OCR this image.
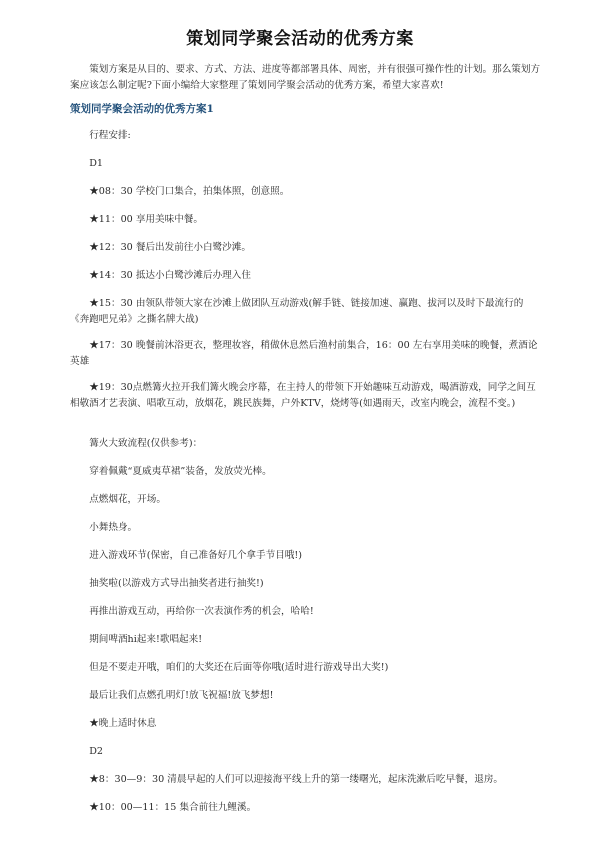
策划同学聚会活动的优秀方案
策划方案是从目的、要求、方式、方法、进度等都部署具体、周密，并有很强可操作性的计划。那么策划方案应该怎么制定呢?下面小编给大家整理了策划同学聚会活动的优秀方案，希望大家喜欢!
策划同学聚会活动的优秀方案1
行程安排:
D1
★08：30 学校门口集合，拍集体照，创意照。
★11：00 享用美味中餐。
★12：30 餐后出发前往小白鹭沙滩。
★14：30 抵达小白鹭沙滩后办理入住
★15：30 由领队带领大家在沙滩上做团队互动游戏(解手链、链接加速、赢跑、拔河以及时下最流行的《奔跑吧兄弟》之撕名牌大战)
★17：30 晚餐前沐浴更衣，整理妆容，稍做休息然后渔村前集合，16：00 左右享用美味的晚餐，煮酒论英雄
★19：30点燃篝火拉开我们篝火晚会序幕，在主持人的带领下开始趣味互动游戏，喝酒游戏，同学之间互相敬酒才艺表演、唱歌互动，放烟花，跳民族舞，户外KTV，烧烤等(如遇雨天，改室内晚会，流程不变。)
篝火大致流程(仅供参考)：
穿着佩戴“夏威夷草裙”装备，发放荧光棒。
点燃烟花，开场。
小舞热身。
进入游戏环节(保密，自己准备好几个拿手节目哦!)
抽奖啦(以游戏方式导出抽奖者进行抽奖!)
再推出游戏互动，再给你一次表演作秀的机会，哈哈!
期间啤酒hi起来!歌唱起来!
但是不要走开哦，咱们的大奖还在后面等你哦(适时进行游戏导出大奖!)
最后让我们点燃孔明灯!放飞祝福!放飞梦想!
★晚上适时休息
D2
★8：30—9：30 清晨早起的人们可以迎接海平线上升的第一缕曙光，起床洗漱后吃早餐，退房。
★10：00—11：15 集合前往九鲤溪。
